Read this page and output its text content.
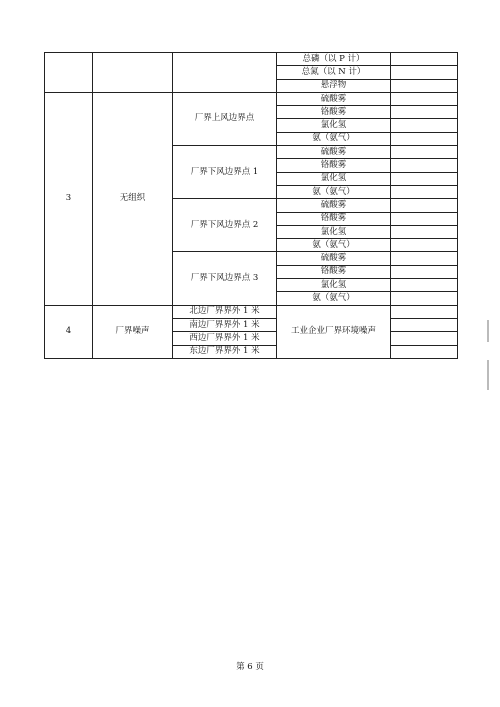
			总磷（以 P 计）	
			总氮（以 N 计）	
			悬浮物	
3	无组织	厂界上风边界点	硫酸雾	
			铬酸雾	
			氯化氢	
			氨（氨气）	
		厂界下风边界点 1	硫酸雾	
			铬酸雾	
			氯化氢	
			氨（氨气）	
		厂界下风边界点 2	硫酸雾	
			铬酸雾	
			氯化氢	
			氨（氨气）	
		厂界下风边界点 3	硫酸雾	
			铬酸雾	
			氯化氢	
			氨（氨气）	
4	厂界噪声	北边厂界界外 1 米	工业企业厂界环境噪声	
		南边厂界界外 1 米		
		西边厂界界外 1 米		
		东边厂界界外 1 米		
第 6 页
